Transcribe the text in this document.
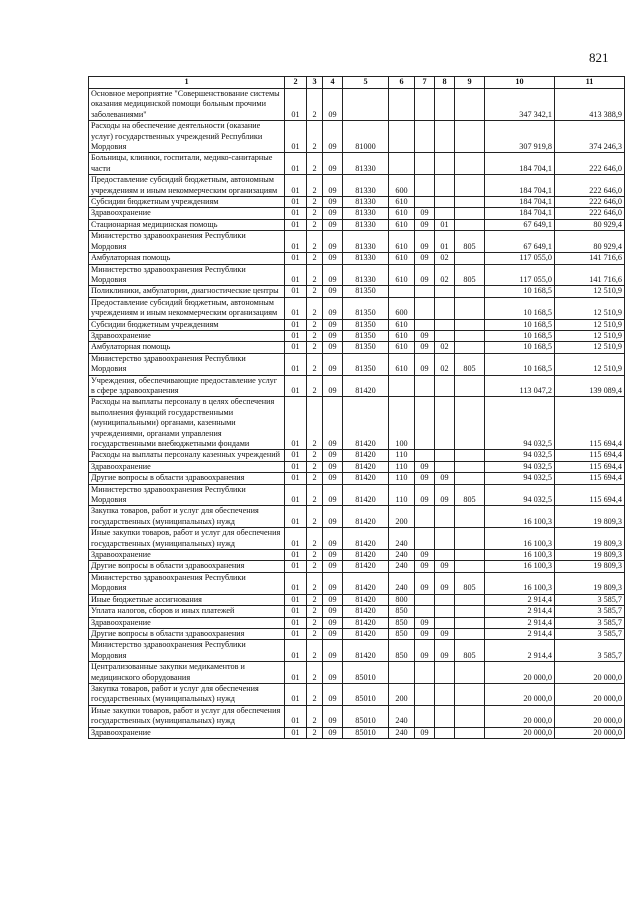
821
1	2	3	4	5	6	7	8	9	10	11
Основное мероприятие "Совершенствование системы оказания медицинской помощи больным прочими заболеваниями"	01	2	09						347 342,1	413 388,9
Расходы на обеспечение деятельности (оказание услуг) государственных учреждений Республики Мордовия	01	2	09	81000					307 919,8	374 246,3
Больницы, клиники, госпитали, медико-санитарные части	01	2	09	81330					184 704,1	222 646,0
Предоставление субсидий бюджетным, автономным учреждениям и иным некоммерческим организациям	01	2	09	81330	600				184 704,1	222 646,0
Субсидии бюджетным учреждениям	01	2	09	81330	610				184 704,1	222 646,0
Здравоохранение	01	2	09	81330	610	09			184 704,1	222 646,0
Стационарная медицинская помощь	01	2	09	81330	610	09	01		67 649,1	80 929,4
Министерство здравоохранения Республики Мордовия	01	2	09	81330	610	09	01	805	67 649,1	80 929,4
Амбулаторная помощь	01	2	09	81330	610	09	02		117 055,0	141 716,6
Министерство здравоохранения Республики Мордовия	01	2	09	81330	610	09	02	805	117 055,0	141 716,6
Поликлиники, амбулатории, диагностические центры	01	2	09	81350					10 168,5	12 510,9
Предоставление субсидий бюджетным, автономным учреждениям и иным некоммерческим организациям	01	2	09	81350	600				10 168,5	12 510,9
Субсидии бюджетным учреждениям	01	2	09	81350	610				10 168,5	12 510,9
Здравоохранение	01	2	09	81350	610	09			10 168,5	12 510,9
Амбулаторная помощь	01	2	09	81350	610	09	02		10 168,5	12 510,9
Министерство здравоохранения Республики Мордовия	01	2	09	81350	610	09	02	805	10 168,5	12 510,9
Учреждения, обеспечивающие предоставление услуг в сфере здравоохранения	01	2	09	81420					113 047,2	139 089,4
Расходы на выплаты персоналу в целях обеспечения выполнения функций государственными (муниципальными) органами, казенными учреждениями, органами управления государственными внебюджетными фондами	01	2	09	81420	100				94 032,5	115 694,4
Расходы на выплаты персоналу казенных учреждений	01	2	09	81420	110				94 032,5	115 694,4
Здравоохранение	01	2	09	81420	110	09			94 032,5	115 694,4
Другие вопросы в области здравоохранения	01	2	09	81420	110	09	09		94 032,5	115 694,4
Министерство здравоохранения Республики Мордовия	01	2	09	81420	110	09	09	805	94 032,5	115 694,4
Закупка товаров, работ и услуг для обеспечения государственных (муниципальных) нужд	01	2	09	81420	200				16 100,3	19 809,3
Иные закупки товаров, работ и услуг для обеспечения государственных (муниципальных) нужд	01	2	09	81420	240				16 100,3	19 809,3
Здравоохранение	01	2	09	81420	240	09			16 100,3	19 809,3
Другие вопросы в области здравоохранения	01	2	09	81420	240	09	09		16 100,3	19 809,3
Министерство здравоохранения Республики Мордовия	01	2	09	81420	240	09	09	805	16 100,3	19 809,3
Иные бюджетные ассигнования	01	2	09	81420	800				2 914,4	3 585,7
Уплата налогов, сборов и иных платежей	01	2	09	81420	850				2 914,4	3 585,7
Здравоохранение	01	2	09	81420	850	09			2 914,4	3 585,7
Другие вопросы в области здравоохранения	01	2	09	81420	850	09	09		2 914,4	3 585,7
Министерство здравоохранения Республики Мордовия	01	2	09	81420	850	09	09	805	2 914,4	3 585,7
Централизованные закупки медикаментов и медицинского оборудования	01	2	09	85010					20 000,0	20 000,0
Закупка товаров, работ и услуг для обеспечения государственных (муниципальных) нужд	01	2	09	85010	200				20 000,0	20 000,0
Иные закупки товаров, работ и услуг для обеспечения государственных (муниципальных) нужд	01	2	09	85010	240				20 000,0	20 000,0
Здравоохранение	01	2	09	85010	240	09			20 000,0	20 000,0
